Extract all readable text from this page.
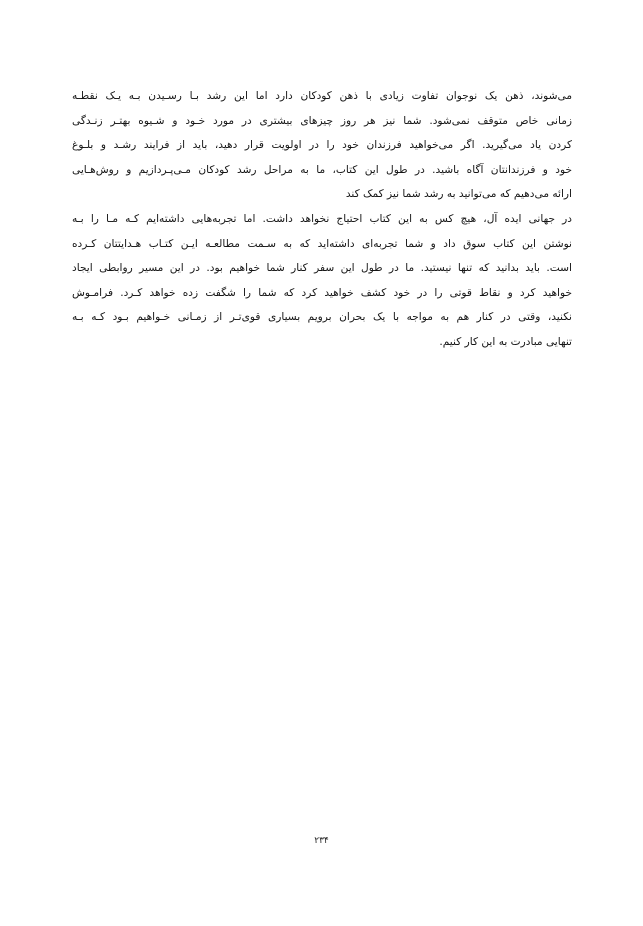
می‌شوند، ذهن یک نوجوان تفاوت زیادی با ذهن کودکان دارد اما این رشد بـا رسـیدن بـه یـک نقطـه
زمانی خاص متوقف نمی‌شود. شما نیز هر روز چیزهای بیشتری در مورد خـود و شـیوه بهتـر زنـدگی
کردن یاد می‌گیرید. اگر می‌خواهید فرزندان خود را در اولویت قرار دهید، باید از فرایند رشـد و بلـوغ
خود و فرزندانتان آگاه باشید. در طول این کتاب، ما به مراحل رشد کودکان مـی‌پـردازیم و روش‌هـایی
ارائه می‌دهیم که می‌توانید به رشد شما نیز کمک کند
در جهانی ایده آل، هیچ کس به این کتاب احتیاج نخواهد داشت. اما تجربه‌هایی داشته‌ایم کـه مـا را بـه
نوشتن این کتاب سوق داد و شما تجربه‌ای داشته‌اید که به سـمت مطالعـه ایـن کتـاب هـدایتتان کـرده
است. باید بدانید که تنها نیستید. ما در طول این سفر کنار شما خواهیم بود. در این مسیر روابطی ایجاد
خواهید کرد و نقاط قوتی را در خود کشف خواهید کرد که شما را شگفت زده خواهد کـرد. فرامـوش
نکنید، وقتی در کنار هم به مواجه با یک بحران برویم بسیاری قوی‌تـر از زمـانی خـواهیم بـود کـه بـه
تنهایی مبادرت به این کار کنیم.
۲۳۴
